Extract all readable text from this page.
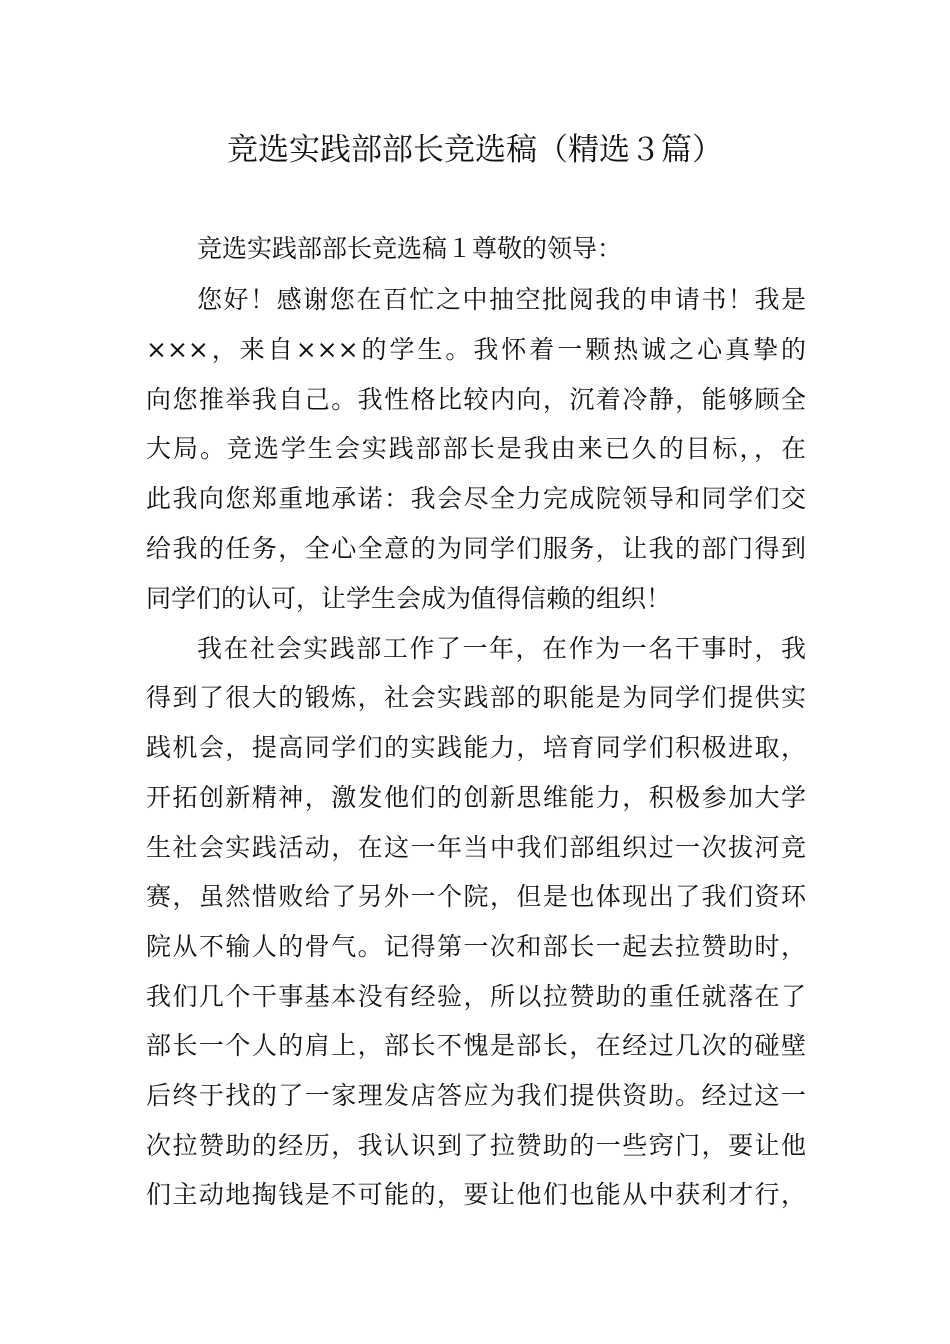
竞选实践部部长竞选稿（精选３篇）
竞选实践部部长竞选稿１尊敬的领导：
您好！感谢您在百忙之中抽空批阅我的申请书！我是
×××，来自×××的学生。我怀着一颗热诚之心真挚的
向您推举我自己。我性格比较内向，沉着冷静，能够顾全
大局。竞选学生会实践部部长是我由来已久的目标，，在
此我向您郑重地承诺：我会尽全力完成院领导和同学们交
给我的任务，全心全意的为同学们服务，让我的部门得到
同学们的认可，让学生会成为值得信赖的组织！
我在社会实践部工作了一年，在作为一名干事时，我
得到了很大的锻炼，社会实践部的职能是为同学们提供实
践机会，提高同学们的实践能力，培育同学们积极进取，
开拓创新精神，激发他们的创新思维能力，积极参加大学
生社会实践活动，在这一年当中我们部组织过一次拔河竞
赛，虽然惜败给了另外一个院，但是也体现出了我们资环
院从不输人的骨气。记得第一次和部长一起去拉赞助时，
我们几个干事基本没有经验，所以拉赞助的重任就落在了
部长一个人的肩上，部长不愧是部长，在经过几次的碰壁
后终于找的了一家理发店答应为我们提供资助。经过这一
次拉赞助的经历，我认识到了拉赞助的一些窍门，要让他
们主动地掏钱是不可能的，要让他们也能从中获利才行，
